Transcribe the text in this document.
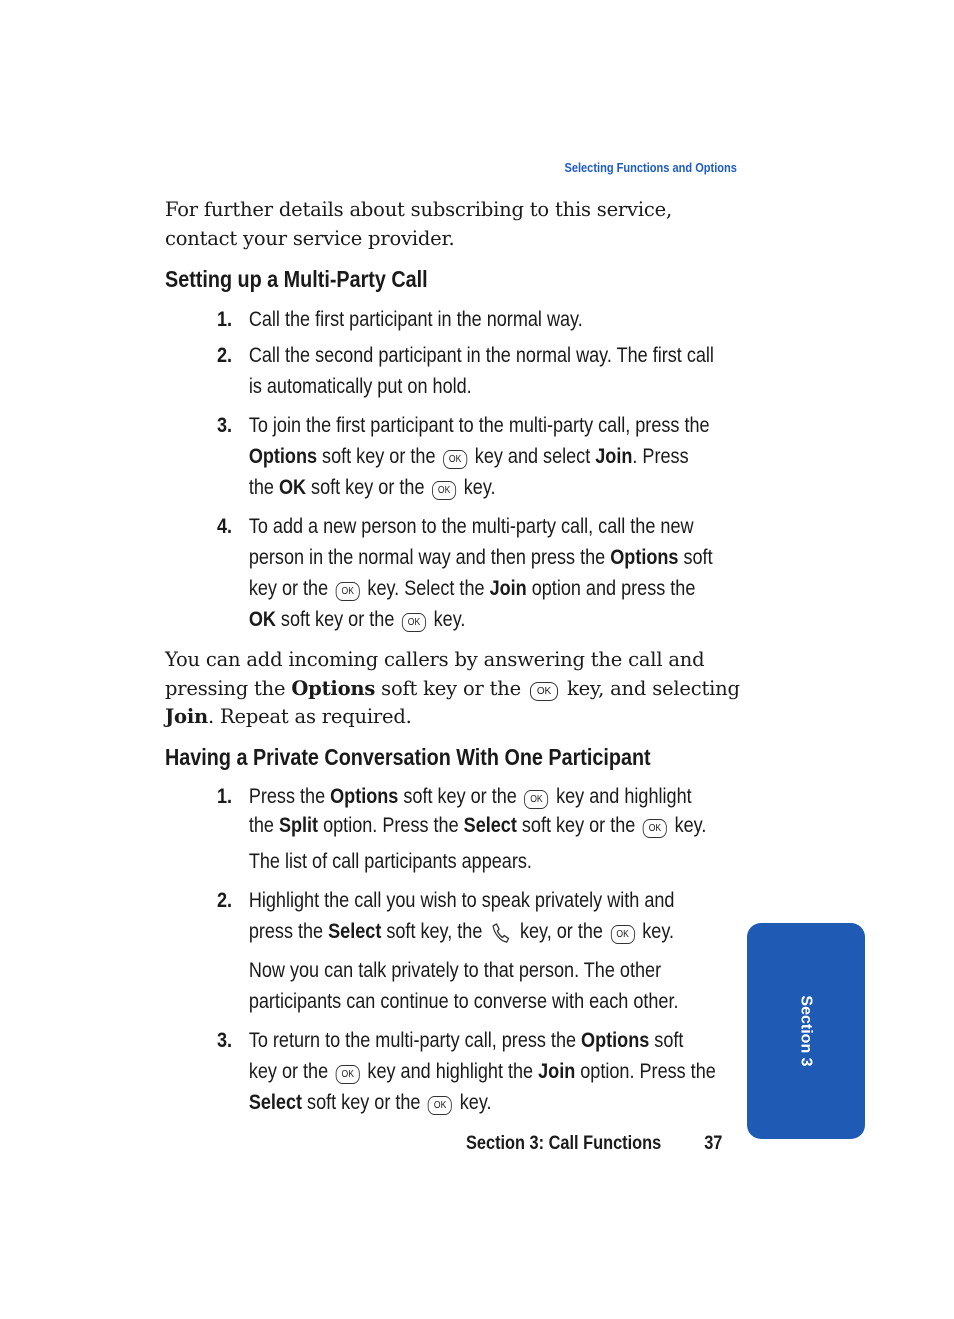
Selecting Functions and Options

For further details about subscribing to this service, contact your service provider.

Setting up a Multi-Party Call
1. Call the first participant in the normal way.
2. Call the second participant in the normal way. The first call is automatically put on hold.
3. To join the first participant to the multi-party call, press the Options soft key or the OK key and select Join. Press the OK soft key or the OK key.
4. To add a new person to the multi-party call, call the new person in the normal way and then press the Options soft key or the OK key. Select the Join option and press the OK soft key or the OK key.

You can add incoming callers by answering the call and pressing the Options soft key or the OK key, and selecting Join. Repeat as required.

Having a Private Conversation With One Participant
1. Press the Options soft key or the OK key and highlight the Split option. Press the Select soft key or the OK key.
The list of call participants appears.
2. Highlight the call you wish to speak privately with and press the Select soft key, the key, or the OK key.
Now you can talk privately to that person. The other participants can continue to converse with each other.
3. To return to the multi-party call, press the Options soft key or the OK key and highlight the Join option. Press the Select soft key or the OK key.
Section 3
Section 3: Call Functions 37
